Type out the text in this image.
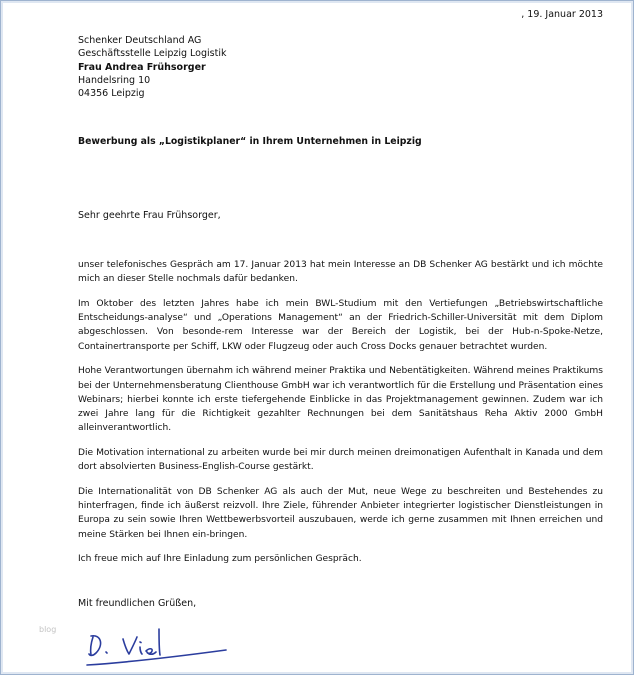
, 19. Januar 2013
Schenker Deutschland AG
Geschäftsstelle Leipzig Logistik
Frau Andrea Frühsorger
Handelsring 10
04356 Leipzig
Bewerbung als „Logistikplaner“ in Ihrem Unternehmen in Leipzig
Sehr geehrte Frau Frühsorger,

unser telefonisches Gespräch am 17. Januar 2013 hat mein Interesse an DB Schenker AG bestärkt und ich möchte mich an dieser Stelle nochmals dafür bedanken.

Im Oktober des letzten Jahres habe ich mein BWL-Studium mit den Vertiefungen „Betriebswirtschaftliche Entscheidungs-analyse“ und „Operations Management“ an der Friedrich-Schiller-Universität mit dem Diplom abgeschlossen. Von besonde-rem Interesse war der Bereich der Logistik, bei der Hub-n-Spoke-Netze, Containertransporte per Schiff, LKW oder Flugzeug oder auch Cross Docks genauer betrachtet wurden.

Hohe Verantwortungen übernahm ich während meiner Praktika und Nebentätigkeiten. Während meines Praktikums bei der Unternehmensberatung Clienthouse GmbH war ich verantwortlich für die Erstellung und Präsentation eines Webinars; hierbei konnte ich erste tiefergehende Einblicke in das Projektmanagement gewinnen. Zudem war ich zwei Jahre lang für die Richtigkeit gezahlter Rechnungen bei dem Sanitätshaus Reha Aktiv 2000 GmbH alleinverantwortlich.

Die Motivation international zu arbeiten wurde bei mir durch meinen dreimonatigen Aufenthalt in Kanada und dem dort absolvierten Business-English-Course gestärkt.

Die Internationalität von DB Schenker AG als auch der Mut, neue Wege zu beschreiten und Bestehendes zu hinterfragen, finde ich äußerst reizvoll. Ihre Ziele, führender Anbieter integrierter logistischer Dienstleistungen in Europa zu sein sowie Ihren Wettbewerbsvorteil auszubauen, werde ich gerne zusammen mit Ihnen erreichen und meine Stärken bei Ihnen ein-bringen.

Ich freue mich auf Ihre Einladung zum persönlichen Gespräch.

Mit freundlichen Grüßen,
blog
